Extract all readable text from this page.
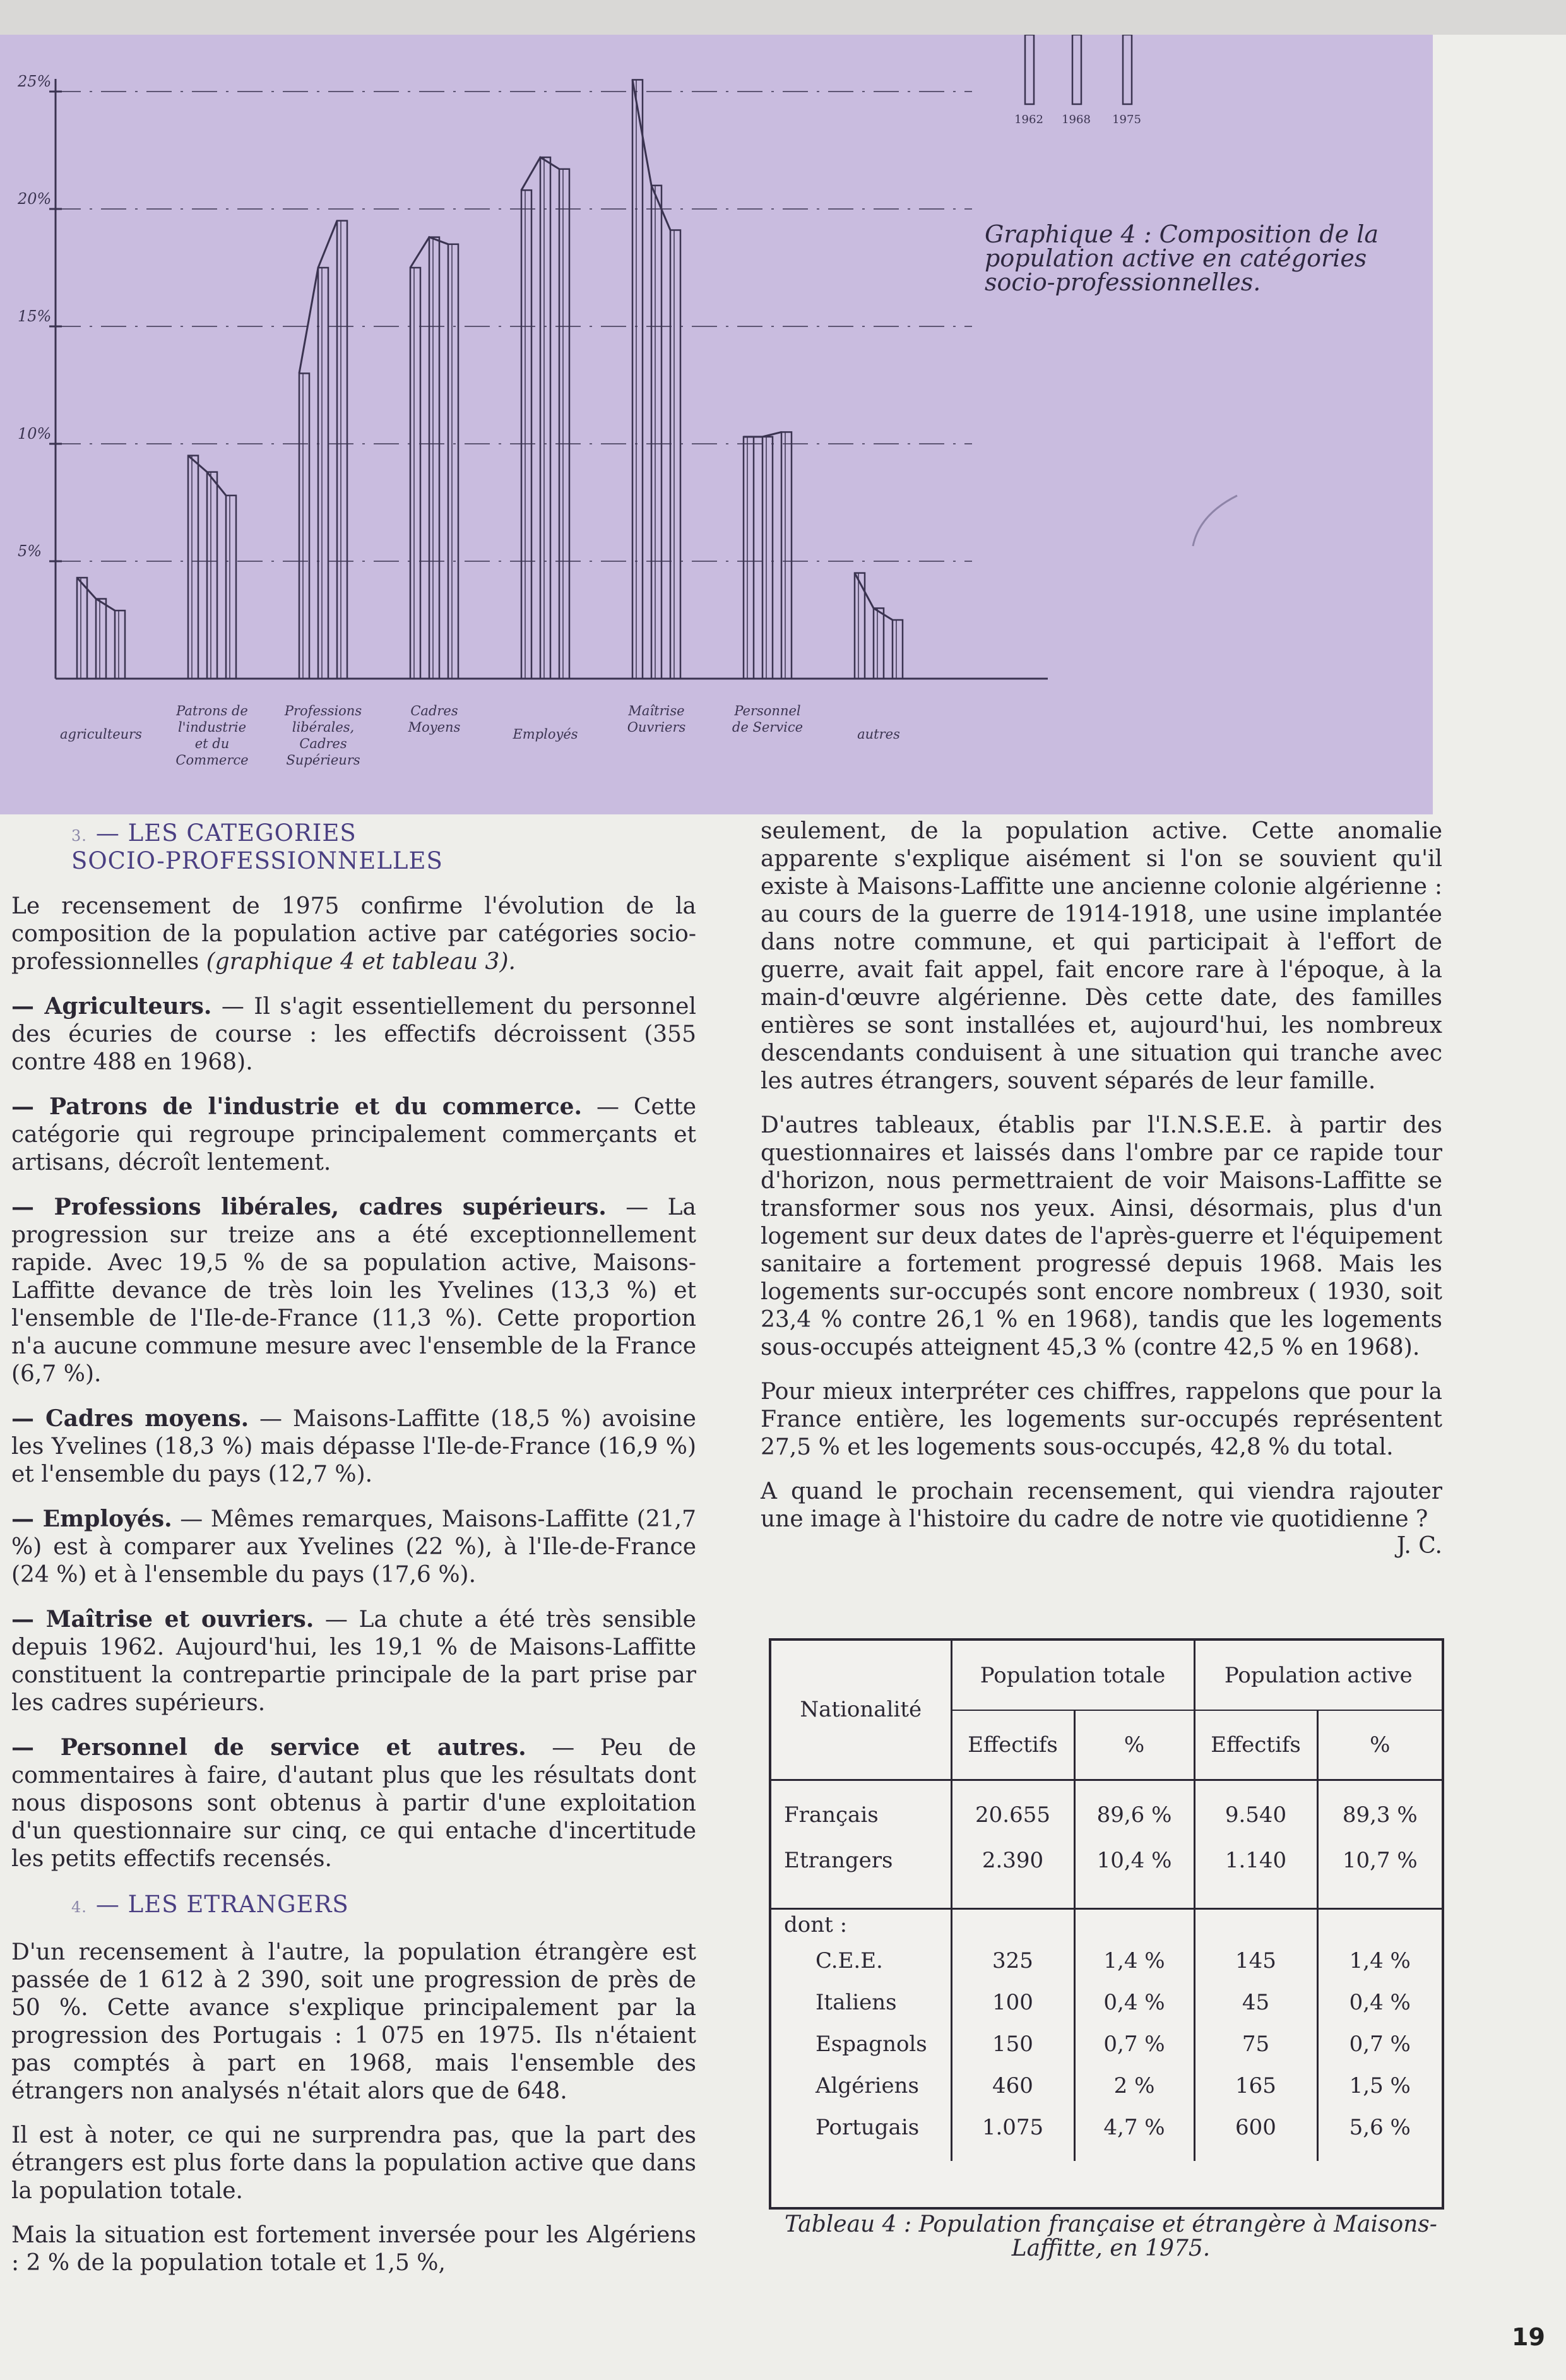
5%
10%
15%
20%
25%
agriculteurs
Patrons de
l'industrie
et du
Commerce
Professions
libérales,
Cadres
Supérieurs
Cadres
Moyens	Employés
Maîtrise
Ouvriers
Personnel
de Service	autres
1962 1968 1975
Graphique 4 : Composition de la population active en catégories socio-professionnelles.
3. — LES CATEGORIES
SOCIO-PROFESSIONNELLES

Le recensement de 1975 confirme l'évolution de la composition de la population active par catégories socio-professionnelles (graphique 4 et tableau 3).

— Agriculteurs. — Il s'agit essentiellement du personnel des écuries de course : les effectifs décroissent (355 contre 488 en 1968).

— Patrons de l'industrie et du commerce. — Cette catégorie qui regroupe principalement commerçants et artisans, décroît lentement.

— Professions libérales, cadres supérieurs. — La progression sur treize ans a été exceptionnellement rapide. Avec 19,5 % de sa population active, Maisons-Laffitte devance de très loin les Yvelines (13,3 %) et l'ensemble de l'Ile-de-France (11,3 %). Cette proportion n'a aucune commune mesure avec l'ensemble de la France (6,7 %).

— Cadres moyens. — Maisons-Laffitte (18,5 %) avoisine les Yvelines (18,3 %) mais dépasse l'Ile-de-France (16,9 %) et l'ensemble du pays (12,7 %).

— Employés. — Mêmes remarques, Maisons-Laffitte (21,7 %) est à comparer aux Yvelines (22 %), à l'Ile-de-France (24 %) et à l'ensemble du pays (17,6 %).

— Maîtrise et ouvriers. — La chute a été très sensible depuis 1962. Aujourd'hui, les 19,1 % de Maisons-Laffitte constituent la contrepartie principale de la part prise par les cadres supérieurs.

— Personnel de service et autres. — Peu de commentaires à faire, d'autant plus que les résultats dont nous disposons sont obtenus à partir d'une exploitation d'un questionnaire sur cinq, ce qui entache d'incertitude les petits effectifs recensés.

4. — LES ETRANGERS

D'un recensement à l'autre, la population étrangère est passée de 1 612 à 2 390, soit une progression de près de 50 %. Cette avance s'explique principalement par la progression des Portugais : 1 075 en 1975. Ils n'étaient pas comptés à part en 1968, mais l'ensemble des étrangers non analysés n'était alors que de 648.

Il est à noter, ce qui ne surprendra pas, que la part des étrangers est plus forte dans la population active que dans la population totale.

Mais la situation est fortement inversée pour les Algériens : 2 % de la population totale et 1,5 %,

seulement, de la population active. Cette anomalie apparente s'explique aisément si l'on se souvient qu'il existe à Maisons-Laffitte une ancienne colonie algérienne : au cours de la guerre de 1914-1918, une usine implantée dans notre commune, et qui participait à l'effort de guerre, avait fait appel, fait encore rare à l'époque, à la main-d'œuvre algérienne. Dès cette date, des familles entières se sont installées et, aujourd'hui, les nombreux descendants conduisent à une situation qui tranche avec les autres étrangers, souvent séparés de leur famille.

D'autres tableaux, établis par l'I.N.S.E.E. à partir des questionnaires et laissés dans l'ombre par ce rapide tour d'horizon, nous permettraient de voir Maisons-Laffitte se transformer sous nos yeux. Ainsi, désormais, plus d'un logement sur deux dates de l'après-guerre et l'équipement sanitaire a fortement progressé depuis 1968. Mais les logements sur-occupés sont encore nombreux ( 1930, soit 23,4 % contre 26,1 % en 1968), tandis que les logements sous-occupés atteignent 45,3 % (contre 42,5 % en 1968).

Pour mieux interpréter ces chiffres, rappelons que pour la France entière, les logements sur-occupés représentent 27,5 % et les logements sous-occupés, 42,8 % du total.

A quand le prochain recensement, qui viendra rajouter une image à l'histoire du cadre de notre vie quotidienne ?

J. C.
Nationalité	Population totale		Population active	
	Effectifs	%	Effectifs	%

Français	20.655	89,6 %	9.540	89,3 %
Etrangers	2.390	10,4 %	1.140	10,7 %

dont :				
C.E.E.	325	1,4 %	145	1,4 %
Italiens	100	0,4 %	45	0,4 %
Espagnols	150	0,7 %	75	0,7 %
Algériens	460	2 %	165	1,5 %
Portugais	1.075	4,7 %	600	5,6 %

Tableau 4 : Population française et étrangère à Maisons-Laffitte, en 1975.
19
